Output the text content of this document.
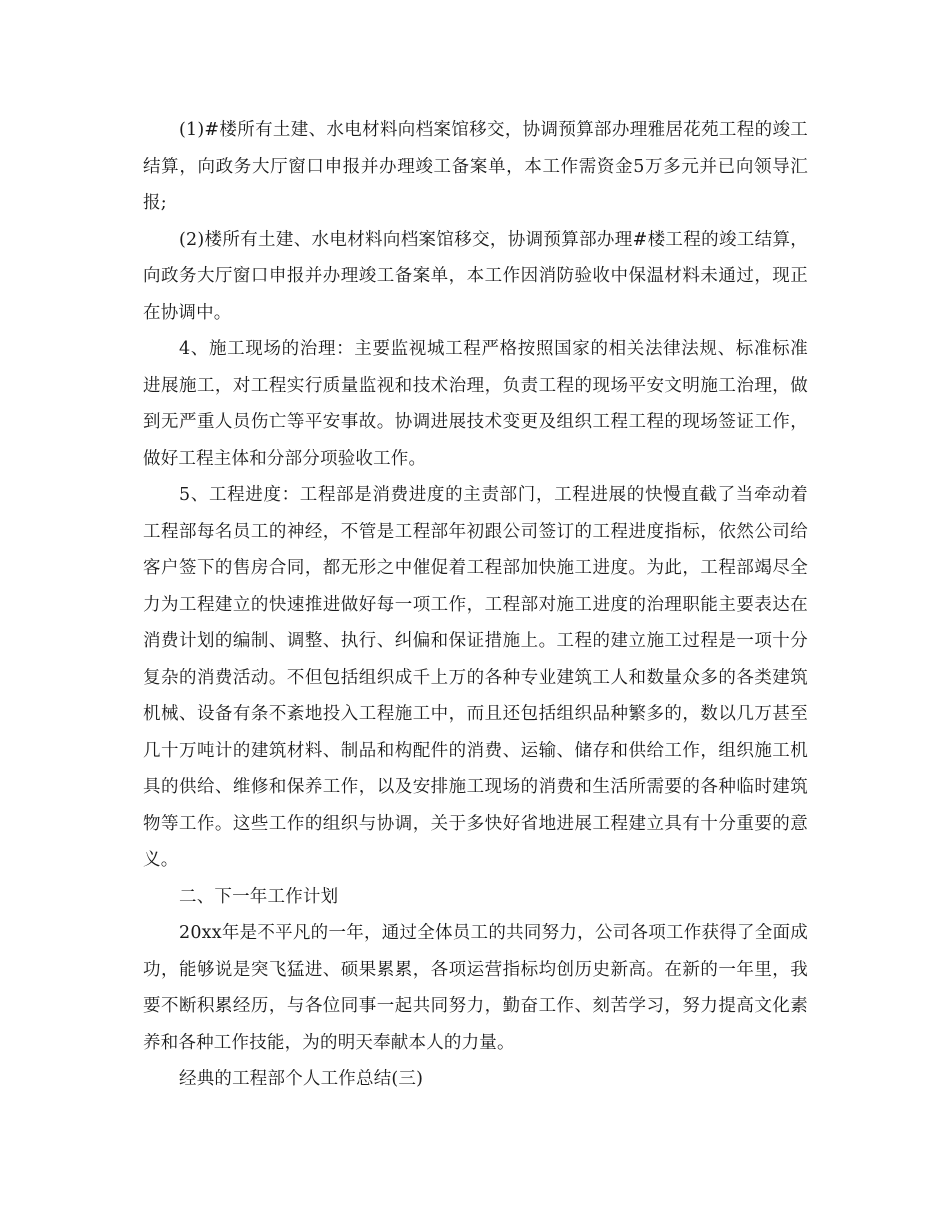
(1)#楼所有土建、水电材料向档案馆移交，协调预算部办理雅居花苑工程的竣工结算，向政务大厅窗口申报并办理竣工备案单，本工作需资金5万多元并已向领导汇报;

(2)楼所有土建、水电材料向档案馆移交，协调预算部办理#楼工程的竣工结算，向政务大厅窗口申报并办理竣工备案单，本工作因消防验收中保温材料未通过，现正在协调中。

4、施工现场的治理：主要监视城工程严格按照国家的相关法律法规、标准标准进展施工，对工程实行质量监视和技术治理，负责工程的现场平安文明施工治理，做到无严重人员伤亡等平安事故。协调进展技术变更及组织工程工程的现场签证工作，做好工程主体和分部分项验收工作。

5、工程进度：工程部是消费进度的主责部门，工程进展的快慢直截了当牵动着工程部每名员工的神经，不管是工程部年初跟公司签订的工程进度指标，依然公司给客户签下的售房合同，都无形之中催促着工程部加快施工进度。为此，工程部竭尽全力为工程建立的快速推进做好每一项工作，工程部对施工进度的治理职能主要表达在消费计划的编制、调整、执行、纠偏和保证措施上。工程的建立施工过程是一项十分复杂的消费活动。不但包括组织成千上万的各种专业建筑工人和数量众多的各类建筑机械、设备有条不紊地投入工程施工中，而且还包括组织品种繁多的，数以几万甚至几十万吨计的建筑材料、制品和构配件的消费、运输、储存和供给工作，组织施工机具的供给、维修和保养工作，以及安排施工现场的消费和生活所需要的各种临时建筑物等工作。这些工作的组织与协调，关于多快好省地进展工程建立具有十分重要的意义。

二、下一年工作计划

20xx年是不平凡的一年，通过全体员工的共同努力，公司各项工作获得了全面成功，能够说是突飞猛进、硕果累累，各项运营指标均创历史新高。在新的一年里，我要不断积累经历，与各位同事一起共同努力，勤奋工作、刻苦学习，努力提高文化素养和各种工作技能，为的明天奉献本人的力量。

经典的工程部个人工作总结(三)
